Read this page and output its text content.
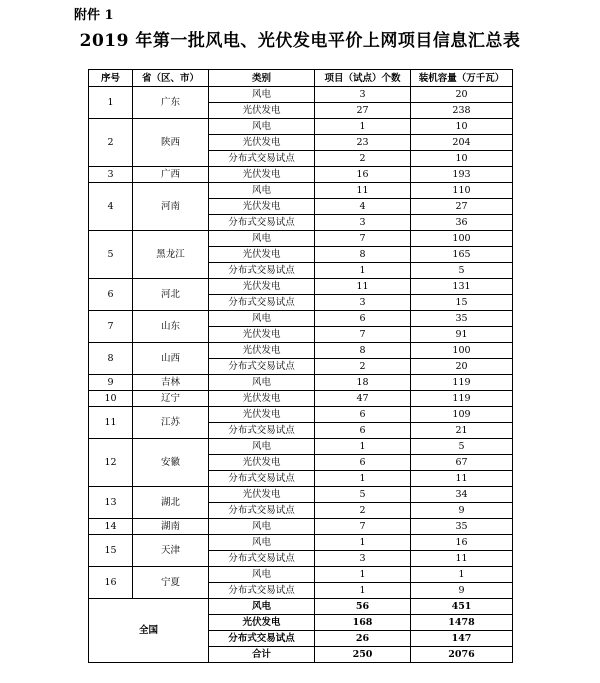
附件 1
2019 年第一批风电、光伏发电平价上网项目信息汇总表
序号	省（区、市）	类别	项目（试点）个数	装机容量（万千瓦）
1	广东	风电	3	20
		光伏发电	27	238
2	陕西	风电	1	10
		光伏发电	23	204
		分布式交易试点	2	10
3	广西	光伏发电	16	193
4	河南	风电	11	110
		光伏发电	4	27
		分布式交易试点	3	36
5	黑龙江	风电	7	100
		光伏发电	8	165
		分布式交易试点	1	5
6	河北	光伏发电	11	131
		分布式交易试点	3	15
7	山东	风电	6	35
		光伏发电	7	91
8	山西	光伏发电	8	100
		分布式交易试点	2	20
9	吉林	风电	18	119
10	辽宁	光伏发电	47	119
11	江苏	光伏发电	6	109
		分布式交易试点	6	21
12	安徽	风电	1	5
		光伏发电	6	67
		分布式交易试点	1	11
13	湖北	光伏发电	5	34
		分布式交易试点	2	9
14	湖南	风电	7	35
15	天津	风电	1	16
		分布式交易试点	3	11
16	宁夏	风电	1	1
		分布式交易试点	1	9
全国		风电	56	451
		光伏发电	168	1478
		分布式交易试点	26	147
		合计	250	2076
